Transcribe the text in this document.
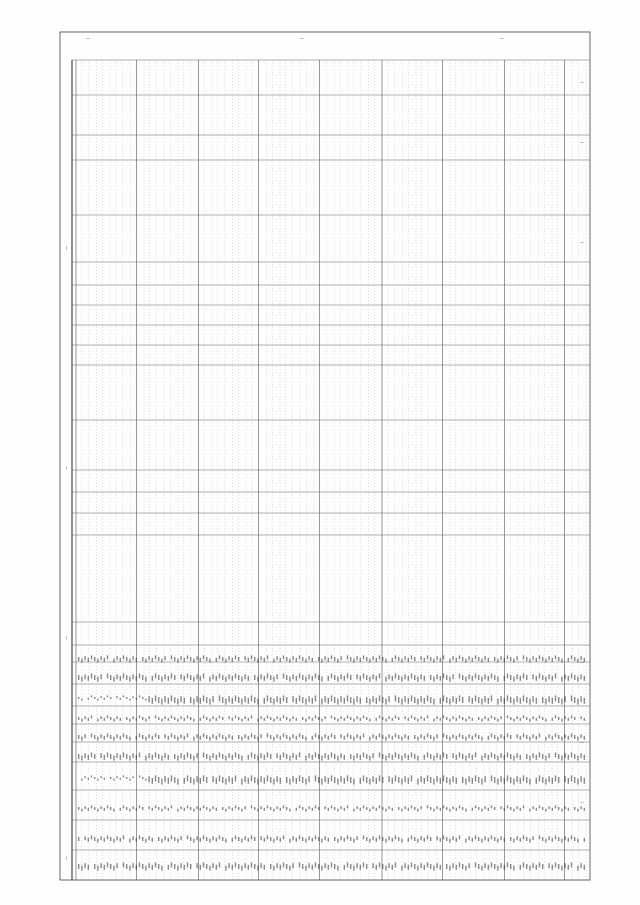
—	—	—
—
—
—
—
—
—
—
—
—
—
